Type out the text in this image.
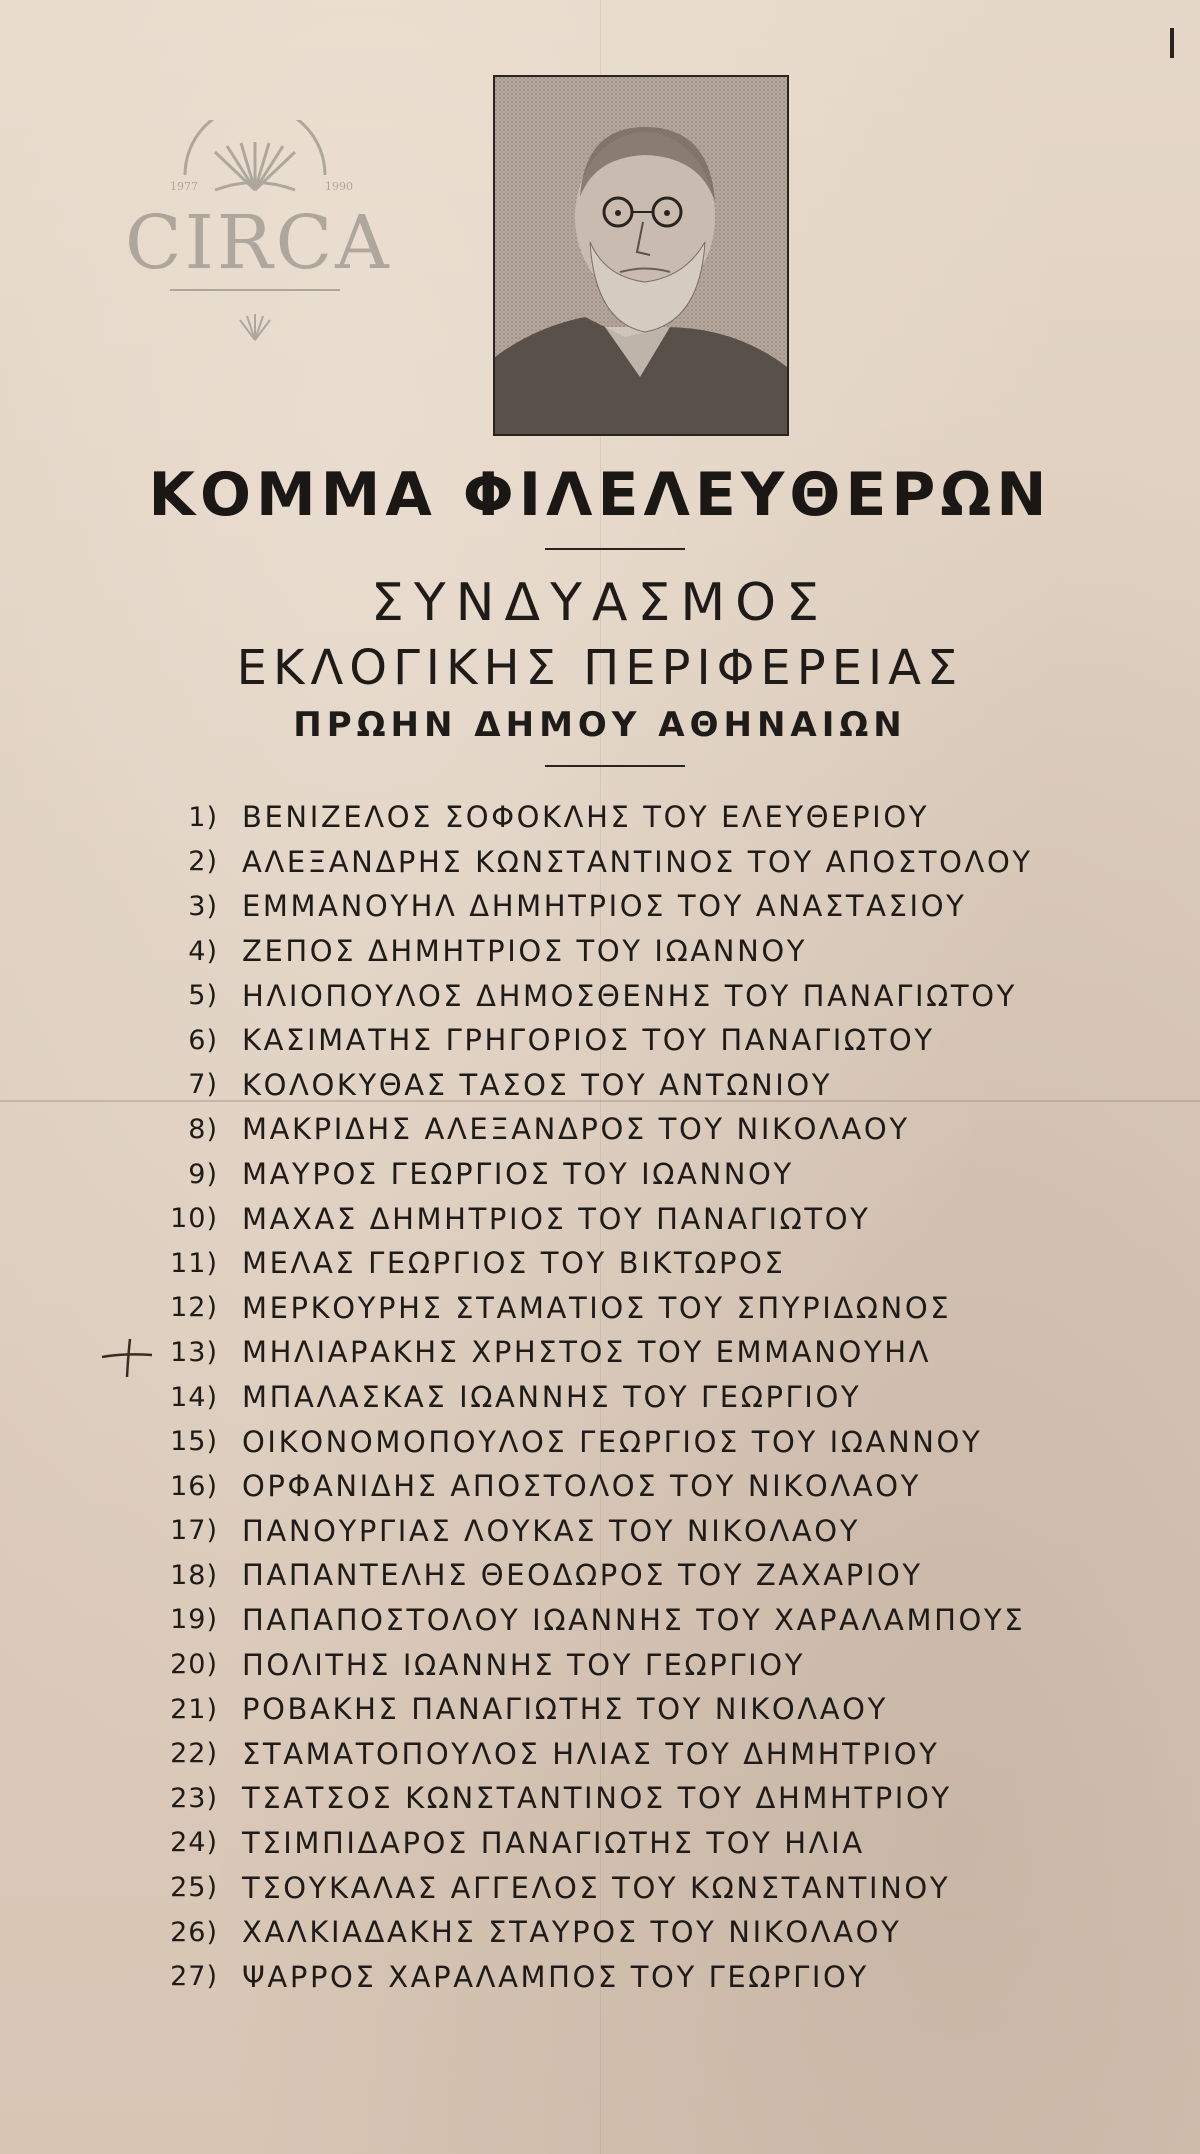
1977	1990
CIRCA
ΚΟΜΜΑ ΦΙΛΕΛΕΥΘΕΡΩΝ
ΣΥΝΔΥΑΣΜΟΣ
ΕΚΛΟΓΙΚΗΣ ΠΕΡΙΦΕΡΕΙΑΣ
ΠΡΩΗΝ ΔΗΜΟΥ ΑΘΗΝΑΙΩΝ
1) ΒΕΝΙΖΕΛΟΣ ΣΟΦΟΚΛΗΣ ΤΟΥ ΕΛΕΥΘΕΡΙΟΥ
2) ΑΛΕΞΑΝΔΡΗΣ ΚΩΝΣΤΑΝΤΙΝΟΣ ΤΟΥ ΑΠΟΣΤΟΛΟΥ
3) ΕΜΜΑΝΟΥΗΛ ΔΗΜΗΤΡΙΟΣ ΤΟΥ ΑΝΑΣΤΑΣΙΟΥ
4) ΖΕΠΟΣ ΔΗΜΗΤΡΙΟΣ ΤΟΥ ΙΩΑΝΝΟΥ
5) ΗΛΙΟΠΟΥΛΟΣ ΔΗΜΟΣΘΕΝΗΣ ΤΟΥ ΠΑΝΑΓΙΩΤΟΥ
6) ΚΑΣΙΜΑΤΗΣ ΓΡΗΓΟΡΙΟΣ ΤΟΥ ΠΑΝΑΓΙΩΤΟΥ
7) ΚΟΛΟΚΥΘΑΣ ΤΑΣΟΣ ΤΟΥ ΑΝΤΩΝΙΟΥ
8) ΜΑΚΡΙΔΗΣ ΑΛΕΞΑΝΔΡΟΣ ΤΟΥ ΝΙΚΟΛΑΟΥ
9) ΜΑΥΡΟΣ ΓΕΩΡΓΙΟΣ ΤΟΥ ΙΩΑΝΝΟΥ
10) ΜΑΧΑΣ ΔΗΜΗΤΡΙΟΣ ΤΟΥ ΠΑΝΑΓΙΩΤΟΥ
11) ΜΕΛΑΣ ΓΕΩΡΓΙΟΣ ΤΟΥ ΒΙΚΤΩΡΟΣ
12) ΜΕΡΚΟΥΡΗΣ ΣΤΑΜΑΤΙΟΣ ΤΟΥ ΣΠΥΡΙΔΩΝΟΣ
13) ΜΗΛΙΑΡΑΚΗΣ ΧΡΗΣΤΟΣ ΤΟΥ ΕΜΜΑΝΟΥΗΛ
14) ΜΠΑΛΑΣΚΑΣ ΙΩΑΝΝΗΣ ΤΟΥ ΓΕΩΡΓΙΟΥ
15) ΟΙΚΟΝΟΜΟΠΟΥΛΟΣ ΓΕΩΡΓΙΟΣ ΤΟΥ ΙΩΑΝΝΟΥ
16) ΟΡΦΑΝΙΔΗΣ ΑΠΟΣΤΟΛΟΣ ΤΟΥ ΝΙΚΟΛΑΟΥ
17) ΠΑΝΟΥΡΓΙΑΣ ΛΟΥΚΑΣ ΤΟΥ ΝΙΚΟΛΑΟΥ
18) ΠΑΠΑΝΤΕΛΗΣ ΘΕΟΔΩΡΟΣ ΤΟΥ ΖΑΧΑΡΙΟΥ
19) ΠΑΠΑΠΟΣΤΟΛΟΥ ΙΩΑΝΝΗΣ ΤΟΥ ΧΑΡΑΛΑΜΠΟΥΣ
20) ΠΟΛΙΤΗΣ ΙΩΑΝΝΗΣ ΤΟΥ ΓΕΩΡΓΙΟΥ
21) ΡΟΒΑΚΗΣ ΠΑΝΑΓΙΩΤΗΣ ΤΟΥ ΝΙΚΟΛΑΟΥ
22) ΣΤΑΜΑΤΟΠΟΥΛΟΣ ΗΛΙΑΣ ΤΟΥ ΔΗΜΗΤΡΙΟΥ
23) ΤΣΑΤΣΟΣ ΚΩΝΣΤΑΝΤΙΝΟΣ ΤΟΥ ΔΗΜΗΤΡΙΟΥ
24) ΤΣΙΜΠΙΔΑΡΟΣ ΠΑΝΑΓΙΩΤΗΣ ΤΟΥ ΗΛΙΑ
25) ΤΣΟΥΚΑΛΑΣ ΑΓΓΕΛΟΣ ΤΟΥ ΚΩΝΣΤΑΝΤΙΝΟΥ
26) ΧΑΛΚΙΑΔΑΚΗΣ ΣΤΑΥΡΟΣ ΤΟΥ ΝΙΚΟΛΑΟΥ
27) ΨΑΡΡΟΣ ΧΑΡΑΛΑΜΠΟΣ ΤΟΥ ΓΕΩΡΓΙΟΥ
